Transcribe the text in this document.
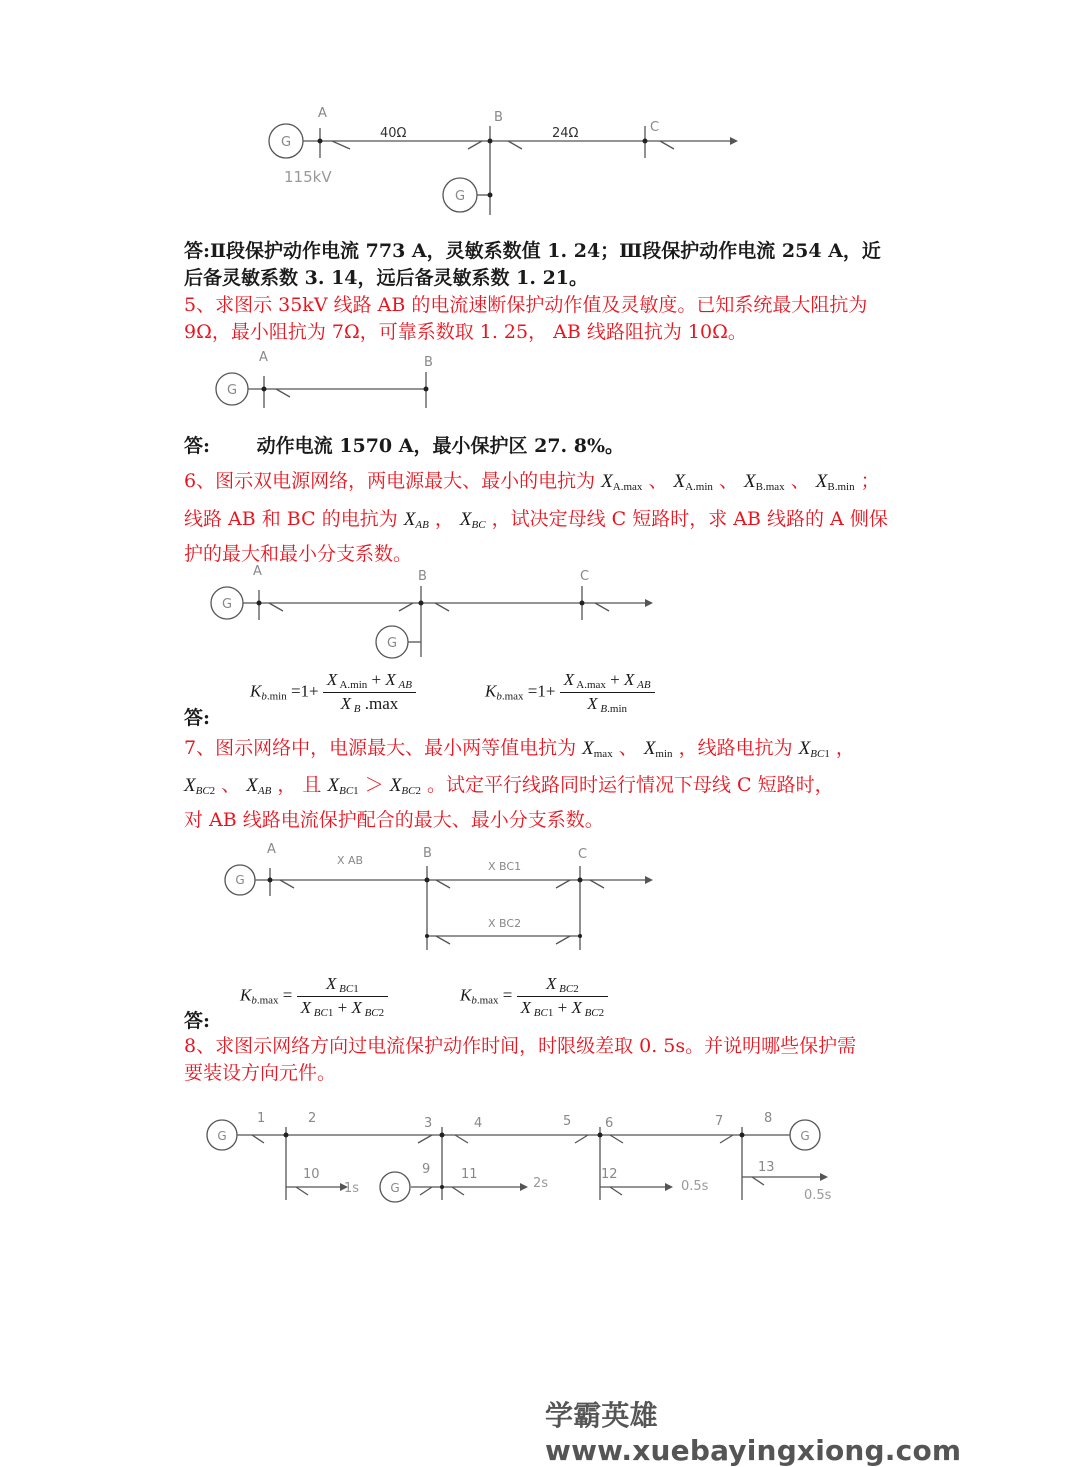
G
G
A	B
C
40Ω	24Ω
115kV
答:Ⅱ段保护动作电流 773 A，灵敏系数值 1. 24；Ⅲ段保护动作电流 254 A，近
后备灵敏系数 3. 14，远后备灵敏系数 1. 21。
5、求图示 35kV 线路 AB 的电流速断保护动作值及灵敏度。已知系统最大阻抗为
9Ω，最小阻抗为 7Ω，可靠系数取 1. 25， AB 线路阻抗为 10Ω。
G
A	B
答: 动作电流 1570 A，最小保护区 27. 8%。
6、图示双电源网络，两电源最大、最小的电抗为 $X_{A.max}$ 、 $X_{A.min}$ 、 $X_{B.max}$ 、 $X_{B.min}$ ；
线路 AB 和 BC 的电抗为 $X_{AB}$ ， $X_{BC}$ ，试决定母线 C 短路时，求 AB 线路的 A 侧保
护的最大和最小分支系数。
G
G
A	B	C
答:
$K_{b.min} =1+ \frac{X _{A.min} + X _{AB}}{X _B .\max}$	$K_{b.max} =1+ \frac{X _{A.max} + X _{AB}}{X _{B.min}}$
7、图示网络中，电源最大、最小两等值电抗为 $X_{max}$ 、 $X_{min}$ ，线路电抗为 $X_{BC1}$ ，
$X_{BC2}$ 、 $X_{AB}$ ， 且 $X_{BC1} > X_{BC2}$ 。试定平行线路同时运行情况下母线 C 短路时，
对 AB 线路电流保护配合的最大、最小分支系数。
G
A	B	C
X AB	X BC1
X BC2
答:
$K_{b.max} = \frac{X _{BC1}}{X _{BC1} + X _{BC2}}$	$K_{b.max} = \frac{X _{BC2}}{X _{BC1} + X _{BC2}}$
8、求图示网络方向过电流保护动作时间，时限级差取 0. 5s。并说明哪些保护需
要装设方向元件。
G	G
G
1	2	3	4	5	6	7	8
9
10	11	12	13
1s	2s	0.5s
0.5s
学霸英雄 www.xuebayingxiong.com
